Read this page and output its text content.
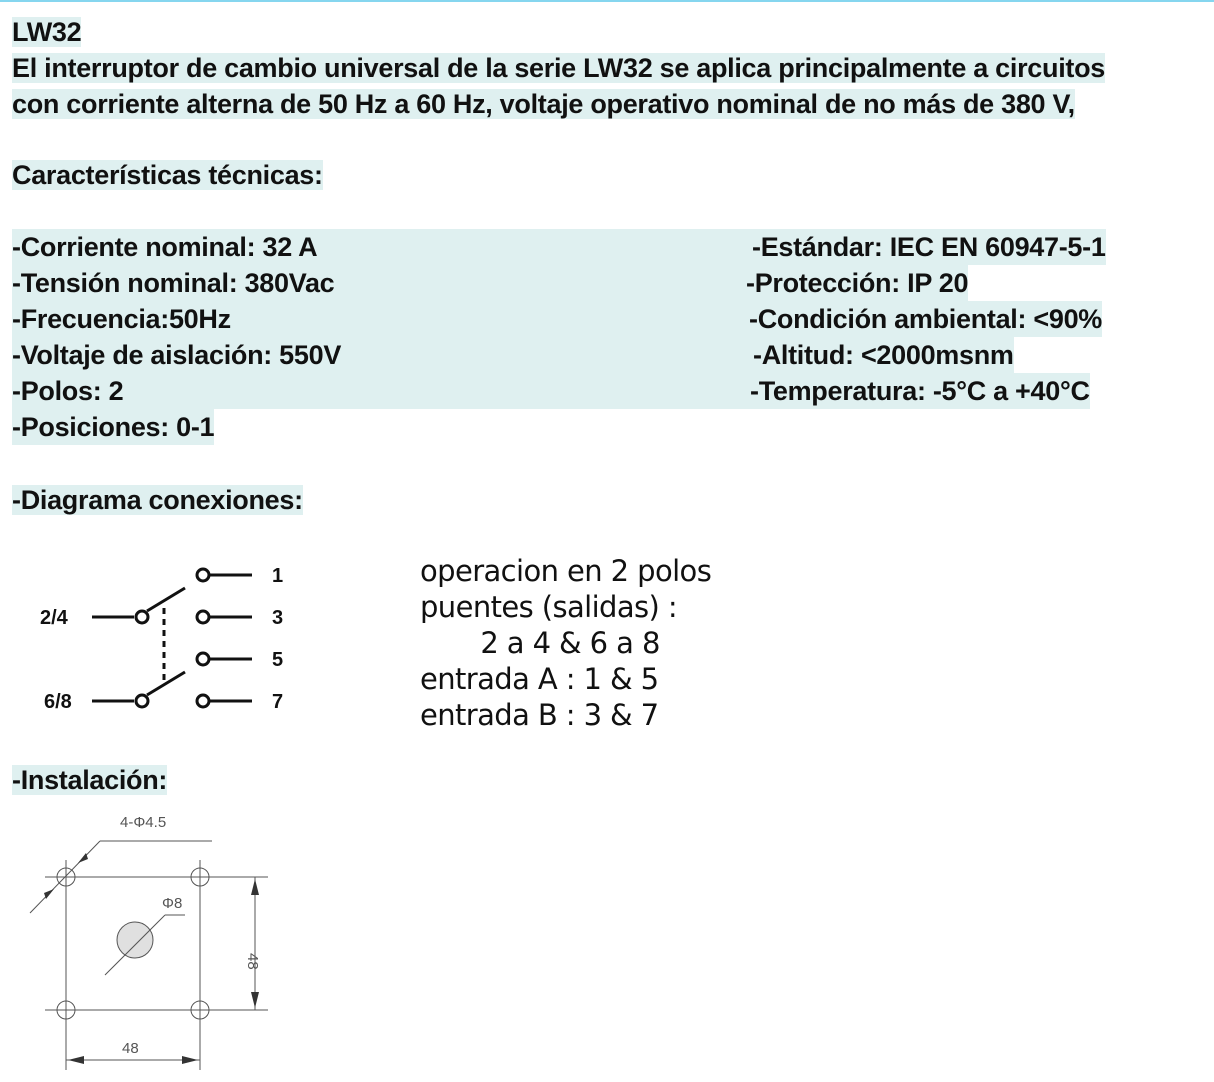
LW32
El interruptor de cambio universal de la serie LW32 se aplica principalmente a circuitos
con corriente alterna de 50 Hz a 60 Hz, voltaje operativo nominal de no más de 380 V,
Características técnicas:
-Corriente nominal: 32 A	-Estándar: IEC EN 60947-5-1
-Tensión nominal: 380Vac	-Protección: IP 20
-Frecuencia:50Hz	-Condición ambiental: <90%
-Voltaje de aislación: 550V	-Altitud: <2000msnm
-Polos: 2	-Temperatura: -5°C a +40°C
-Posiciones: 0-1
-Diagrama conexiones:
2/4
6/8
1
3
5
7
operacion en 2 polos
puentes (salidas) :
2 a 4 & 6 a 8
entrada A : 1 & 5
entrada B : 3 & 7
-Instalación:
4-Φ4.5
Φ8
48
48
